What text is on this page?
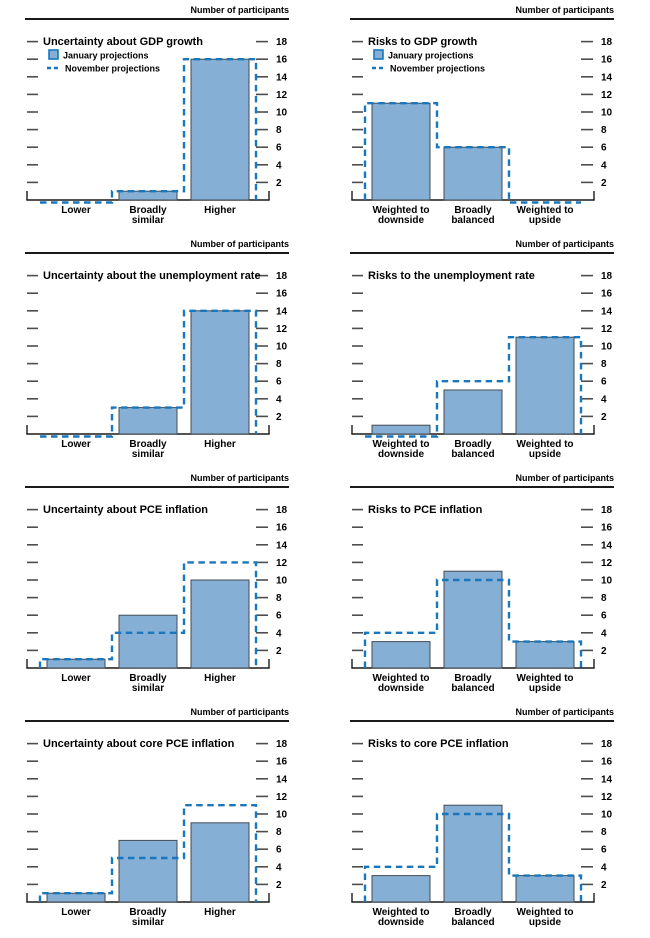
Number of participants
2
4
6
8
10
12
14
16
18
Uncertainty about GDP growth
January projections
November projections
Lower	Broadly
similar
Higher
Number of participants
2
4
6
8
10
12
14
16
18
Risks to GDP growth
January projections
November projections
Weighted to
downside
Broadly
balanced
Weighted to
upside
Number of participants
2
4
6
8
10
12
14
16
18
Uncertainty about the unemployment rate
Lower	Broadly
similar
Higher
Number of participants
2
4
6
8
10
12
14
16
18
Risks to the unemployment rate
Weighted to
downside
Broadly
balanced
Weighted to
upside
Number of participants
2
4
6
8
10
12
14
16
18
Uncertainty about PCE inflation
Lower	Broadly
similar
Higher
Number of participants
2
4
6
8
10
12
14
16
18
Risks to PCE inflation
Weighted to
downside
Broadly
balanced
Weighted to
upside
Number of participants
2
4
6
8
10
12
14
16
18
Uncertainty about core PCE inflation
Lower	Broadly
similar
Higher
Number of participants
2
4
6
8
10
12
14
16
18
Risks to core PCE inflation
Weighted to
downside
Broadly
balanced
Weighted to
upside
